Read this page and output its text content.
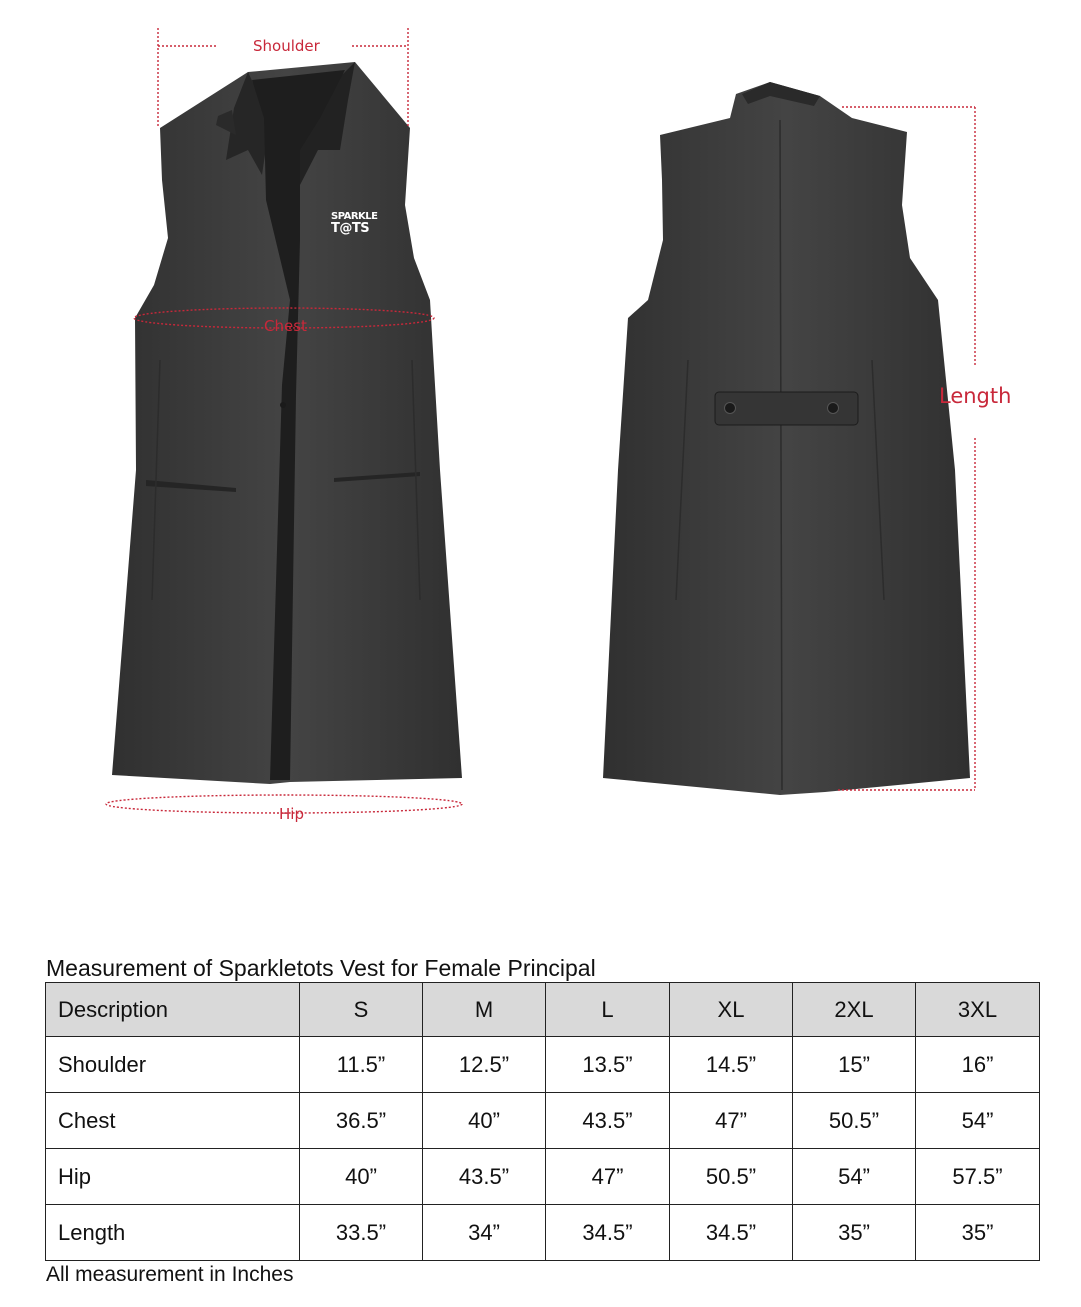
SPARKLE
T@TS
Shoulder
Chest
Hip
Length
Measurement of Sparkletots Vest for Female Principal
Description	S	M	L	XL	2XL	3XL
Shoulder	11.5”	12.5”	13.5”	14.5”	15”	16”
Chest	36.5”	40”	43.5”	47”	50.5”	54”
Hip	40”	43.5”	47”	50.5”	54”	57.5”
Length	33.5”	34”	34.5”	34.5”	35”	35”
All measurement in Inches
